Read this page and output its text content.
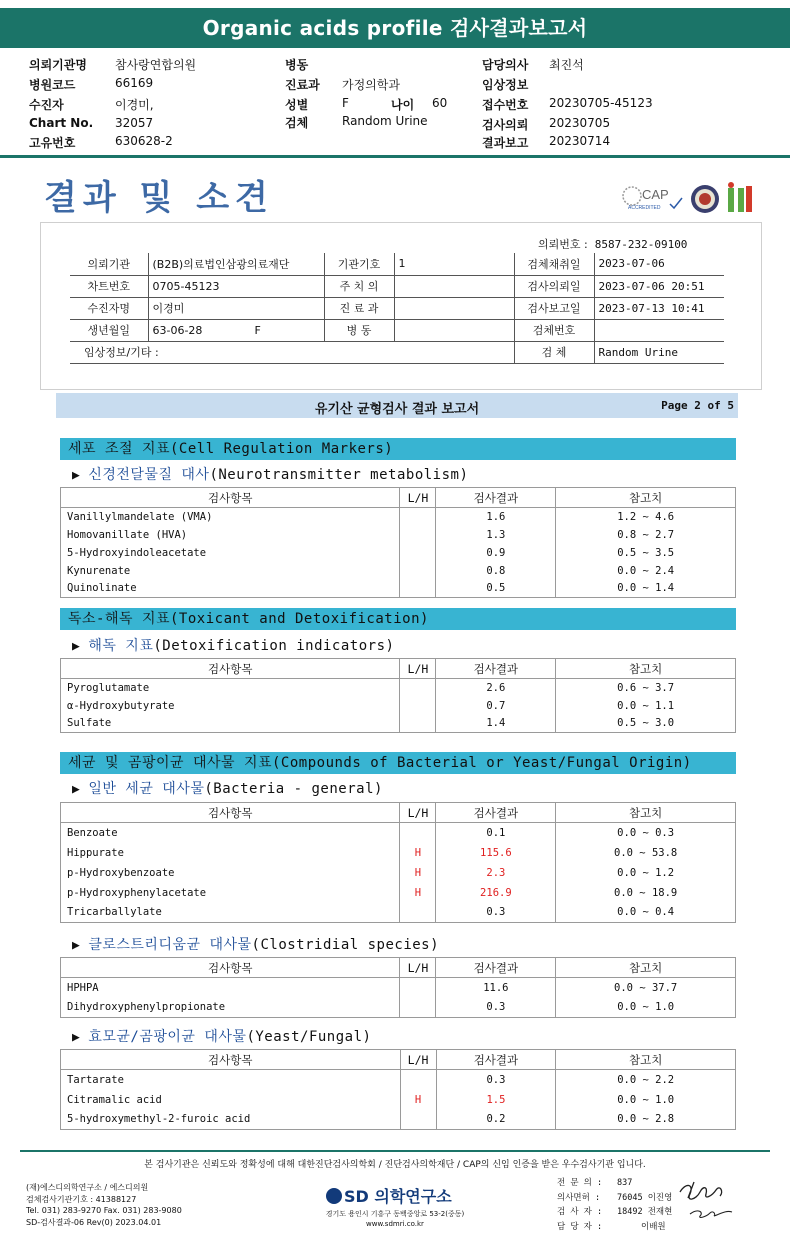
Organic acids profile 검사결과보고서
의뢰기관명 참사랑연합의원
병원코드	66169
수진자	이경미,
Chart No. 32057
고유번호	630628-2
병동
진료과 가정의학과
성별	F	나이 60
검체	Random Urine
담당의사 최진석
임상정보
접수번호 20230705-45123
검사의뢰 20230705
결과보고 20230714
결과 및 소견	CAP
ACCREDITED
의뢰번호 : 8587-232-09100
의뢰기관	(B2B)의료법인삼광의료재단	기관기호	1	검체채취일	2023-07-06
차트번호	0705-45123	주 치 의		검사의뢰일	2023-07-06 20:51
수진자명	이경미	진 료 과		검사보고일	2023-07-13 10:41
생년월일	63-06-28 F	병 동		검체번호	
임상정보/기타 :				검 체	Random Urine
유기산 균형검사 결과 보고서	Page 2 of 5
세포 조절 지표(Cell Regulation Markers)
▶ 신경전달물질 대사(Neurotransmitter metabolism)
검사항목	L/H	검사결과	참고치
Vanillylmandelate (VMA)		1.6	1.2 ~ 4.6
Homovanillate (HVA)		1.3	0.8 ~ 2.7
5-Hydroxyindoleacetate		0.9	0.5 ~ 3.5
Kynurenate		0.8	0.0 ~ 2.4
Quinolinate		0.5	0.0 ~ 1.4
독소-해독 지표(Toxicant and Detoxification)
▶ 해독 지표(Detoxification indicators)
검사항목	L/H	검사결과	참고치
Pyroglutamate		2.6	0.6 ~ 3.7
α-Hydroxybutyrate		0.7	0.0 ~ 1.1
Sulfate		1.4	0.5 ~ 3.0
세균 및 곰팡이균 대사물 지표(Compounds of Bacterial or Yeast/Fungal Origin)
▶ 일반 세균 대사물(Bacteria - general)
검사항목	L/H	검사결과	참고치
Benzoate		0.1	0.0 ~ 0.3
Hippurate	H	115.6	0.0 ~ 53.8
p-Hydroxybenzoate	H	2.3	0.0 ~ 1.2
p-Hydroxyphenylacetate	H	216.9	0.0 ~ 18.9
Tricarballylate		0.3	0.0 ~ 0.4
▶ 클로스트리디움균 대사물(Clostridial species)
검사항목	L/H	검사결과	참고치
HPHPA		11.6	0.0 ~ 37.7
Dihydroxyphenylpropionate		0.3	0.0 ~ 1.0
▶ 효모균/곰팡이균 대사물(Yeast/Fungal)
검사항목	L/H	검사결과	참고치
Tartarate		0.3	0.0 ~ 2.2
Citramalic acid	H	1.5	0.0 ~ 1.0
5-hydroxymethyl-2-furoic acid		0.2	0.0 ~ 2.8
본 검사기관은 신뢰도와 정확성에 대해 대한진단검사의학회 / 진단검사의학재단 / CAP의 신임 인증을 받은 우수검사기관 입니다.
(재)에스디의학연구소 / 에스디의원
검체검사기관기호 : 41388127
Tel. 031) 283-9270 Fax. 031) 283-9080
SD-검사결과-06 Rev(0) 2023.04.01
SD 의학연구소
경기도 용인시 기흥구 동백중앙로 53-2(중동)
www.sdmri.co.kr
전 문 의 : 837
의사면허 : 76045 이진영
검 사 자 : 18492 전재현
담 당 자 :	이배원
